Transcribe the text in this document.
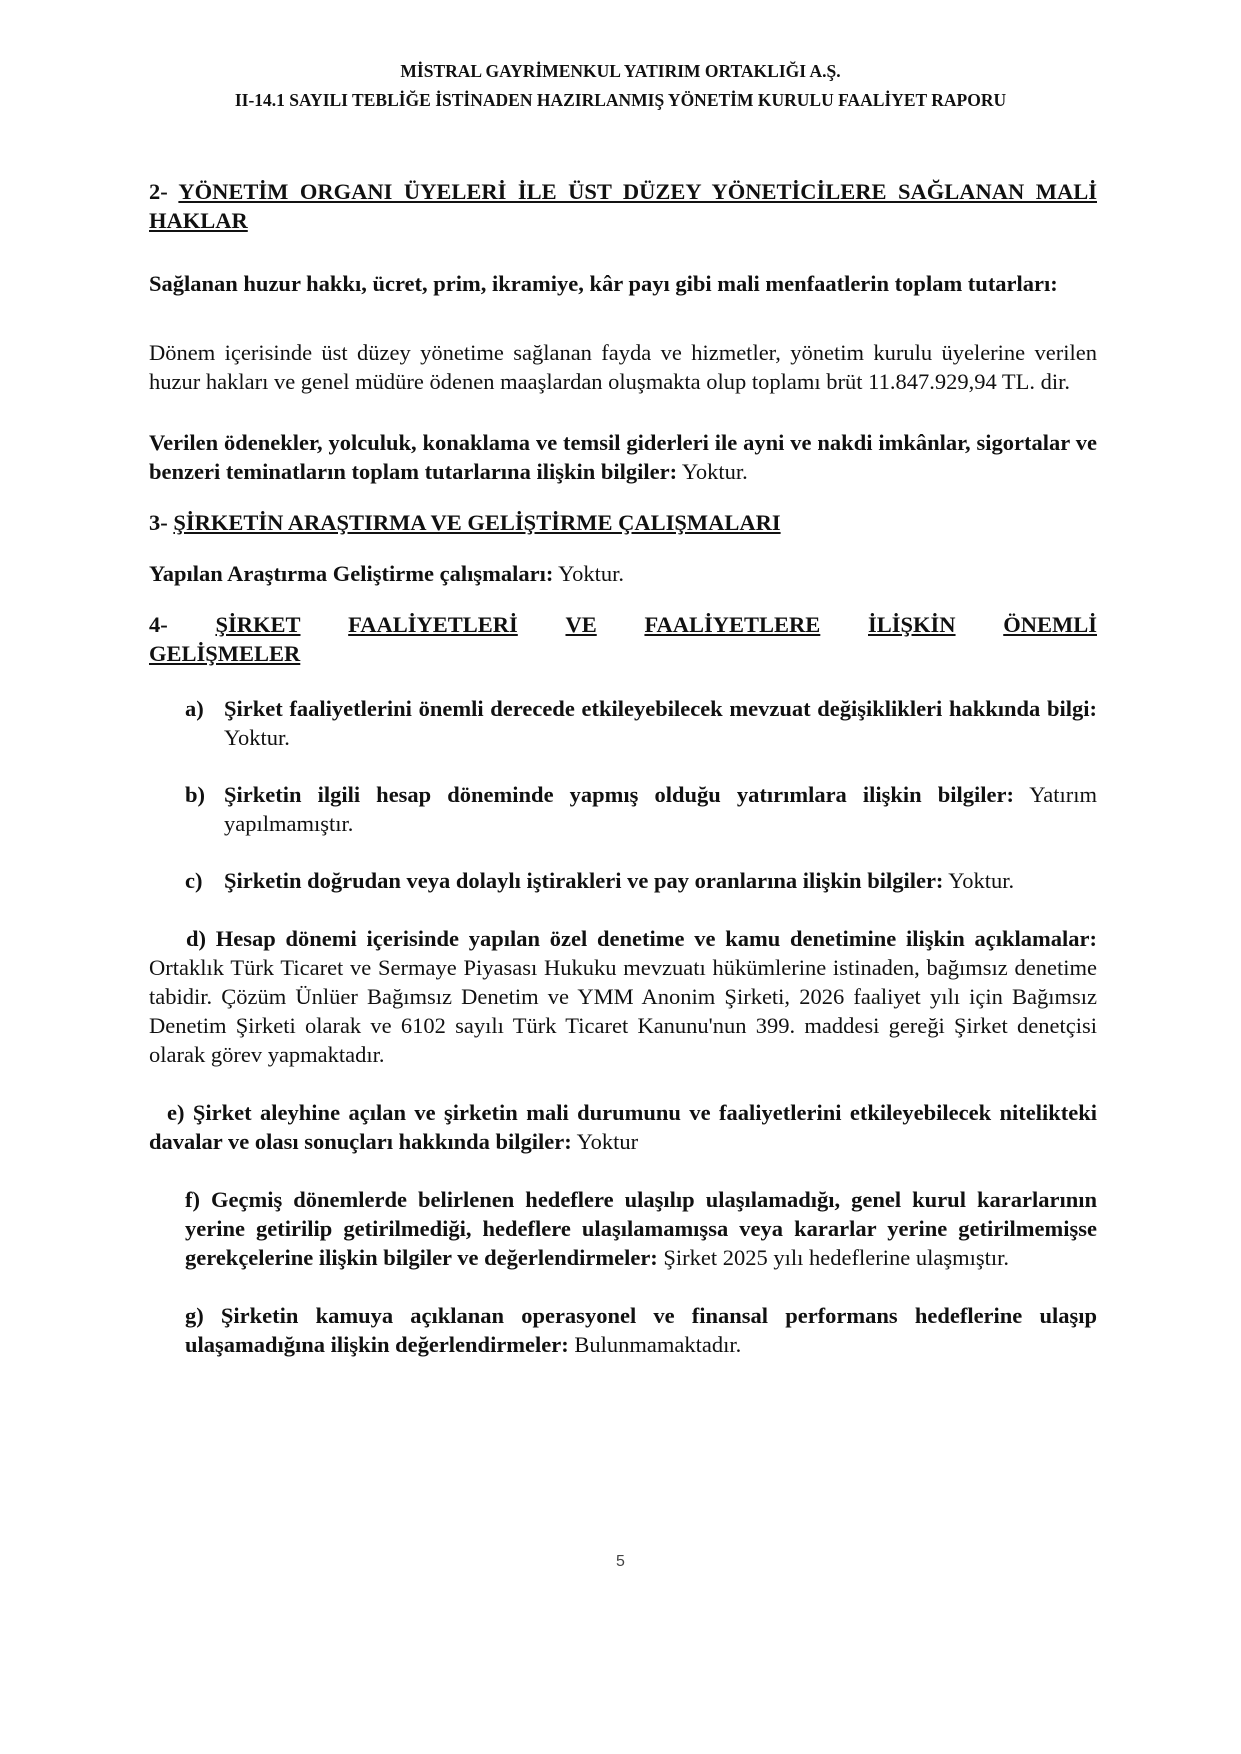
MİSTRAL GAYRİMENKUL YATIRIM ORTAKLIĞI A.Ş.
II-14.1 SAYILI TEBLİĞE İSTİNADEN HAZIRLANMIŞ YÖNETİM KURULU FAALİYET RAPORU

2- YÖNETİM ORGANI ÜYELERİ İLE ÜST DÜZEY YÖNETİCİLERE SAĞLANAN MALİ HAKLAR

Sağlanan huzur hakkı, ücret, prim, ikramiye, kâr payı gibi mali menfaatlerin toplam tutarları:

Dönem içerisinde üst düzey yönetime sağlanan fayda ve hizmetler, yönetim kurulu üyelerine verilen huzur hakları ve genel müdüre ödenen maaşlardan oluşmakta olup toplamı brüt 11.847.929,94 TL. dir.

Verilen ödenekler, yolculuk, konaklama ve temsil giderleri ile ayni ve nakdi imkânlar, sigortalar ve benzeri teminatların toplam tutarlarına ilişkin bilgiler: Yoktur.

3- ŞİRKETİN ARAŞTIRMA VE GELİŞTİRME ÇALIŞMALARI

Yapılan Araştırma Geliştirme çalışmaları: Yoktur.

4- ŞİRKET FAALİYETLERİ VE FAALİYETLERE İLİŞKİN ÖNEMLİ
GELİŞMELER
a) Şirket faaliyetlerini önemli derecede etkileyebilecek mevzuat değişiklikleri hakkında bilgi: Yoktur.
b) Şirketin ilgili hesap döneminde yapmış olduğu yatırımlara ilişkin bilgiler: Yatırım yapılmamıştır.
c) Şirketin doğrudan veya dolaylı iştirakleri ve pay oranlarına ilişkin bilgiler: Yoktur.

d) Hesap dönemi içerisinde yapılan özel denetime ve kamu denetimine ilişkin açıklamalar: Ortaklık Türk Ticaret ve Sermaye Piyasası Hukuku mevzuatı hükümlerine istinaden, bağımsız denetime tabidir. Çözüm Ünlüer Bağımsız Denetim ve YMM Anonim Şirketi, 2026 faaliyet yılı için Bağımsız Denetim Şirketi olarak ve 6102 sayılı Türk Ticaret Kanunu'nun 399. maddesi gereği Şirket denetçisi olarak görev yapmaktadır.

e) Şirket aleyhine açılan ve şirketin mali durumunu ve faaliyetlerini etkileyebilecek nitelikteki davalar ve olası sonuçları hakkında bilgiler: Yoktur

f) Geçmiş dönemlerde belirlenen hedeflere ulaşılıp ulaşılamadığı, genel kurul kararlarının yerine getirilip getirilmediği, hedeflere ulaşılamamışsa veya kararlar yerine getirilmemişse gerekçelerine ilişkin bilgiler ve değerlendirmeler: Şirket 2025 yılı hedeflerine ulaşmıştır.

g) Şirketin kamuya açıklanan operasyonel ve finansal performans hedeflerine ulaşıp ulaşamadığına ilişkin değerlendirmeler: Bulunmamaktadır.

5
